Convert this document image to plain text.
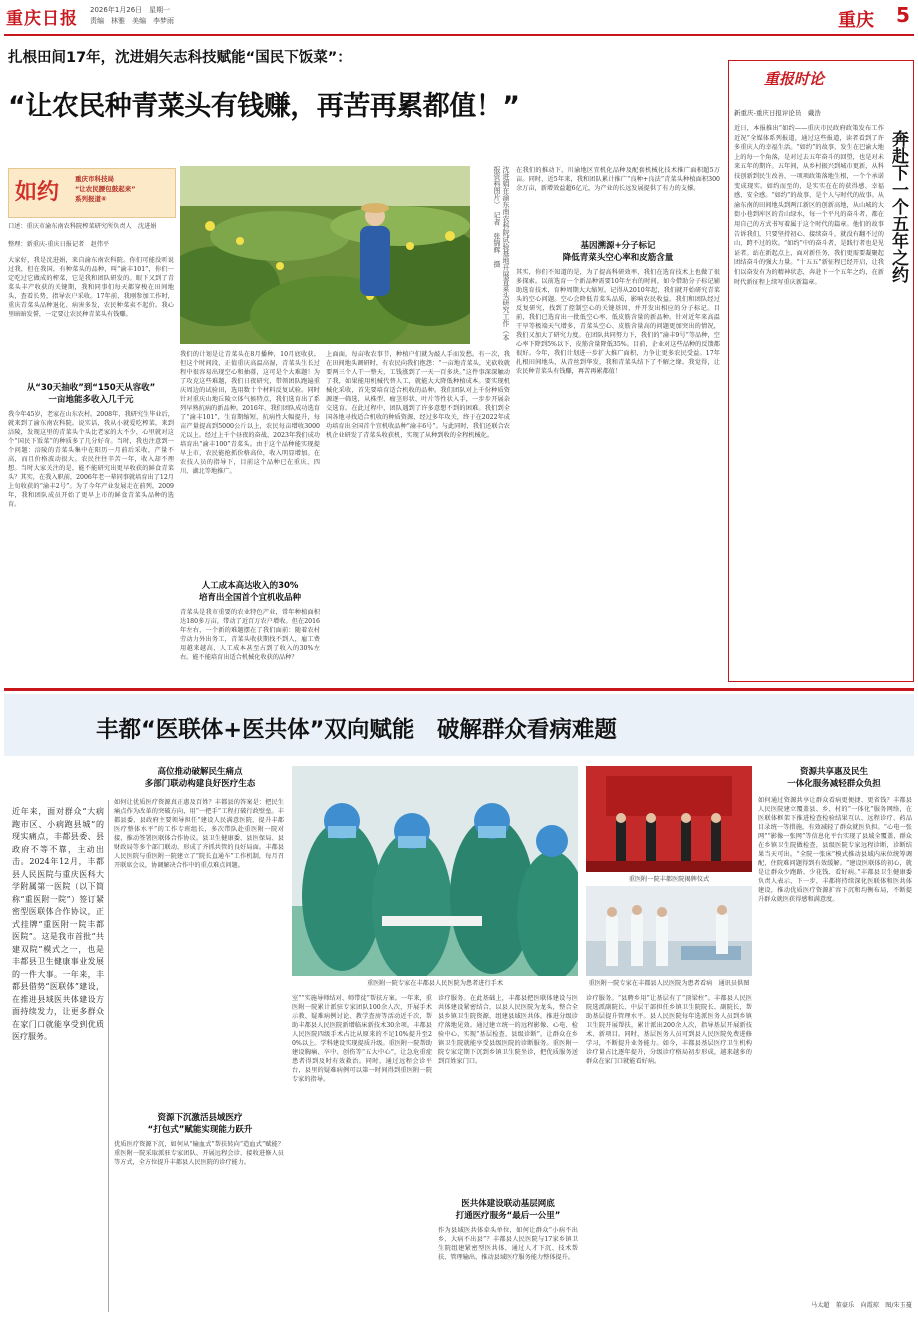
重庆日报 2026年1月26日　星期一
责编　林雅　美编　李梦雨	重庆 5
扎根田间17年，沈进娟矢志科技赋能“国民下饭菜”：
“让农民种青菜头有钱赚，再苦再累都值！”
如约 重庆市科技局
“让农民腰包鼓起来”
系列报道④
口述：重庆市渝东南农科院榨菜研究所负责人　沈进娟
整理：新重庆-重庆日报记者　赵伟平	沈进娟在渝东南农科院试验基地开展青菜头研究工作（本报资料图片）　记者　张锦辉　摄
大家好，我是沈进娟，来自渝东南农科院。你们可能没听说过我，但在我国，有种菜头的品种，叫“渝丰101”，你们一定吃过它做成的榨菜，它是我和团队研发的。眼下又到了青菜头丰产收获的关键期，我和同事们每天都穿梭在田间地头，查看长势，指导农户采收。17年前，我刚参加工作时，重庆青菜头品种退化、病害多发，农民种菜卖不起价。我心里暗暗发誓，一定要让农民种青菜头有钱赚。
从“30天抽收”到“150天从容收”
一亩地能多收入几千元
我今年45岁，老家在山东农村。2008年，我研究生毕业后，就来到了渝东南农科院。说实话，我从小就爱吃榨菜，来到涪陵，发现这里的青菜头个头比老家的大不少，心里就对这个“国民下饭菜”的种质多了几分好奇。当时，我也注意到一个问题：涪陵的青菜头集中在阳历一月前后采收，产量不高，而且价格波动很大。农民往往辛苦一年，收入却不理想。当时大家关注的是，能不能研究出更早收获的鲜食青菜头？其实，在我入职前，2006年老一辈同事就培育出了12月上旬收获的“渝丰2号”。为了今年产业发展走在前列，2009年，我和团队成员开始了更早上市的鲜食青菜头品种的选育。
我们的计划是让青菜头在8月播种，10月底收获。但这个时间段，正值重庆高温高湿，青菜头生长过程中很容易出现空心和抽薹，这可是个大难题！为了攻克这些难题，我们日夜研究，带领团队跑遍重庆周边的试验田，选用数十个材料反复试验。同时针对重庆山地丘陵立体气候特点，我们选育出了系列早熟抗病的新品种。2016年，我们团队成功选育了“渝丰101”，生育期缩短，抗病性大幅提升，每亩产量提高到5000公斤以上，农民每亩增收3000元以上。经过上千个昼夜的奋战，2023年我们成功培育出“渝丰100”青菜头。由于这个品种能实现提早上市，农民能抢抓价格高位，收入明显增加。在农技人员的指导下，目前这个品种已在重庆、四川、湖北等地推广。
人工成本高达收入的30%
培育出全国首个宜机收品种
青菜头是我市重要的农业特色产业，常年种植面积达180多万亩，带动了近百万农户增收。但在2016年左右，一个新的难题摆在了我们面前：随着农村劳动力外出务工，青菜头收获期找不到人，雇工费用越来越高，人工成本甚至占到了收入的30%左右。能不能培育出适合机械化收获的品种？
上面面，每亩收农事节，种植户们就为敲人手而发愁。有一次，我在田间地头调研时，有农民向我们抱怨：“一亩地青菜头，光砍收就要两三个人干一整天，工钱涨到了一天一百多块。”这件事深深触动了我，如果能用机械代替人工，就能大大降低种植成本。要实现机械化采收，首先要培育适合机收的品种。我们团队对上千份种质资源逐一筛选，从株型、瘤茎形状、叶片等性状入手，一步步开展杂交选育。在此过程中，团队遇到了许多意想不到的困难。我们到全国各地寻找适合机收的种质资源，经过多年攻关，终于在2022年成功培育出全国首个宜机收品种“渝丰6号”。与此同时，我们还联合农机企业研发了青菜头收获机，实现了从种到收的全程机械化。
在我们的推动下，川渝地区宜机化品种及配套机械化技术推广面积超5万亩。同时，近5年来，我和团队累计推广“良种+良法”青菜头种植面积300余万亩，新增效益超6亿元，为产业的长远发展提供了有力的支撑。
基因溯源+分子标记
降低青菜头空心率和皮筋含量
其实，你们不知道的是，为了提高科研效率，我们在选育技术上也做了很多探索。以前选育一个新品种需要10年左右的时间，如今借助分子标记辅助选育技术，育种周期大大缩短。记得从2010年起，我们就开始研究青菜头的空心问题。空心会降低青菜头品质，影响农民收益。我们和团队经过反复研究，找到了控制空心的关键基因，并开发出相应的分子标记。目前，我们已选育出一批低空心率、低皮筋含量的新品种。针对近年来高温干旱等极端天气增多，青菜头空心、皮筋含量高的问题更加突出的情况，我们又加大了研究力度。在团队共同努力下，我们的“渝丰9号”等品种，空心率下降到5%以下，皮筋含量降低35%。目前，企业对这些品种的反馈都很好。今年，我们计划进一步扩大推广面积，力争让更多农民受益。17年扎根田间地头，从青丝到华发，我和青菜头结下了不解之缘。我觉得，让农民种青菜头有钱赚，再苦再累都值！
重报时论
新重庆-重庆日报评论员　戴浩
奔赴下一个五年之约
近日，本报推出“如约——重庆市民政府政策发布工作近况”全媒体系列报道，通过这些报道，读者看到了许多重庆人的幸福生活。“如约”的故事，发生在巴渝大地上的每一个角落，是对过去五年奋斗的回望，也是对未来五年的期许。五年间，从乡村振兴到城市更新，从科技创新到民生改善，一项项政策落地生根，一个个承诺变成现实。如约而至的，是实实在在的获得感、幸福感、安全感。“如约”的故事，是个人与时代的故事。从渝东南的田间地头到两江新区的创新高地，从山城的大街小巷到库区的青山绿水，每一个平凡的奋斗者，都在用自己的方式书写着属于这个时代的篇章。他们的故事告诉我们，只要坚持初心、接续奋斗，就没有翻不过的山、跨不过的坎。“如约”中的奋斗者，是践行者也是见证者。站在新起点上，面对新任务，我们更需要凝聚起团结奋斗的强大力量。“十五五”新征程已经开启，让我们以奋发有为的精神状态，奔赴下一个五年之约，在新时代新征程上续写重庆新篇章。
丰都“医联体+医共体”双向赋能　破解群众看病难题
近年来，面对群众“大病跑市区、小病跑县城”的现实痛点，丰都县委、县政府不等不靠，主动出击。2024年12月，丰都县人民医院与重庆医科大学附属第一医院（以下简称“重医附一院”）签订紧密型医联体合作协议，正式挂牌“重医附一院丰都医院”。这是我市首批“共建双院”模式之一，也是丰都县卫生健康事业发展的一件大事。一年来，丰都县借势“医联体”建设，在推进县域医共体建设方面持续发力，让更多群众在家门口就能享受到优质医疗服务。
高位推动破解民生痛点
多部门联动构建良好医疗生态
如何让优质医疗资源真正惠及百姓？丰都县的答案是：把民生痛点作为改革的突破方向，用“一把手”工程打破行政壁垒。丰都县委、县政府主要领导担任“建设人民满意医院、提升丰都医疗整体水平”的工作专班组长，多次带队赴重医附一院对接，推动签署医联体合作协议。县卫生健康委、县医保局、县财政局等多个部门联动，形成了齐抓共管的良好局面。丰都县人民医院与重医附一院建立了“院长直通车”工作机制，每月召开联席会议，协调解决合作中的重点难点问题。
资源下沉激活县域医疗
“打包式”赋能实现能力跃升
优质医疗资源下沉，如何从“输血式”帮扶转向“造血式”赋能？重医附一院采取派驻专家团队、开展远程会诊、接收进修人员等方式，全方位提升丰都县人民医院的诊疗能力。
重医附一院专家在丰都县人民医院为患者进行手术
重医附一院丰都医院揭牌仪式
重医附一院专家在丰都县人民医院为患者看病　通讯员供图
室”“实施导师结对、师带徒”帮扶方案。一年来，重医附一院累计派驻专家团队100余人次，开展手术示教、疑难病例讨论、教学查房等活动近千次，帮助丰都县人民医院新增临床新技术30余项。丰都县人民医院四级手术占比从原来的不足10%提升至20%以上。学科建设实现提质升级。重医附一院帮助建设胸痛、卒中、创伤等“五大中心”，让急危重症患者得到及时有效救治。同时，通过远程会诊平台，县里的疑难病例可以第一时间得到重医附一院专家的指导。
诊疗服务。在此基础上，丰都县把医联体建设与医共体建设紧密结合，以县人民医院为龙头，整合全县乡镇卫生院资源，组建县域医共体，推进分级诊疗落地见效。通过建立统一的远程影像、心电、检验中心，实现“基层检查、县级诊断”，让群众在乡镇卫生院就能享受县级医院的诊断服务。重医附一院专家定期下沉到乡镇卫生院坐诊，把优质服务送到百姓家门口。
医共体建设联动基层网底
打通医疗服务“最后一公里”
作为县域医共体牵头单位，如何让群众“小病不出乡、大病不出县”？丰都县人民医院与17家乡镇卫生院组建紧密型医共体，通过人才下沉、技术帮扶、管理输出，推动县域医疗服务能力整体提升。
诊疗服务。“县聘乡用”让基层有了“顶梁柱”。丰都县人民医院选派副院长、中层干部担任乡镇卫生院院长、副院长，帮助基层提升管理水平。县人民医院每年选派医务人员到乡镇卫生院开展帮扶，累计派出200余人次，指导基层开展新技术、新项目。同时，基层医务人员可到县人民医院免费进修学习，不断提升业务能力。如今，丰都县基层医疗卫生机构诊疗量占比逐年提升，分级诊疗格局初步形成，越来越多的群众在家门口就能看好病。
资源共享惠及民生
一体化服务减轻群众负担
如何通过资源共享让群众看病更便捷、更省钱？丰都县人民医院建立覆盖县、乡、村的“一体化”服务网络，在医联体框架下推进检查检验结果互认、远程诊疗、药品目录统一等措施，有效减轻了群众就医负担。“心电一张网”“影像一张网”等信息化平台实现了县域全覆盖，群众在乡镇卫生院做检查，县级医院专家远程诊断，诊断结果当天可出。“全院一张床”模式推动县域内床位统筹调配，住院难问题得到有效缓解。“建设医联体的初心，就是让群众少跑路、少花钱、看好病。”丰都县卫生健康委负责人表示，下一步，丰都将持续深化医联体和医共体建设，推动优质医疗资源扩容下沉和均衡布局，不断提升群众就医获得感和满意度。
马太超　董豪乐　向霞琼　图/朱玉蔓
